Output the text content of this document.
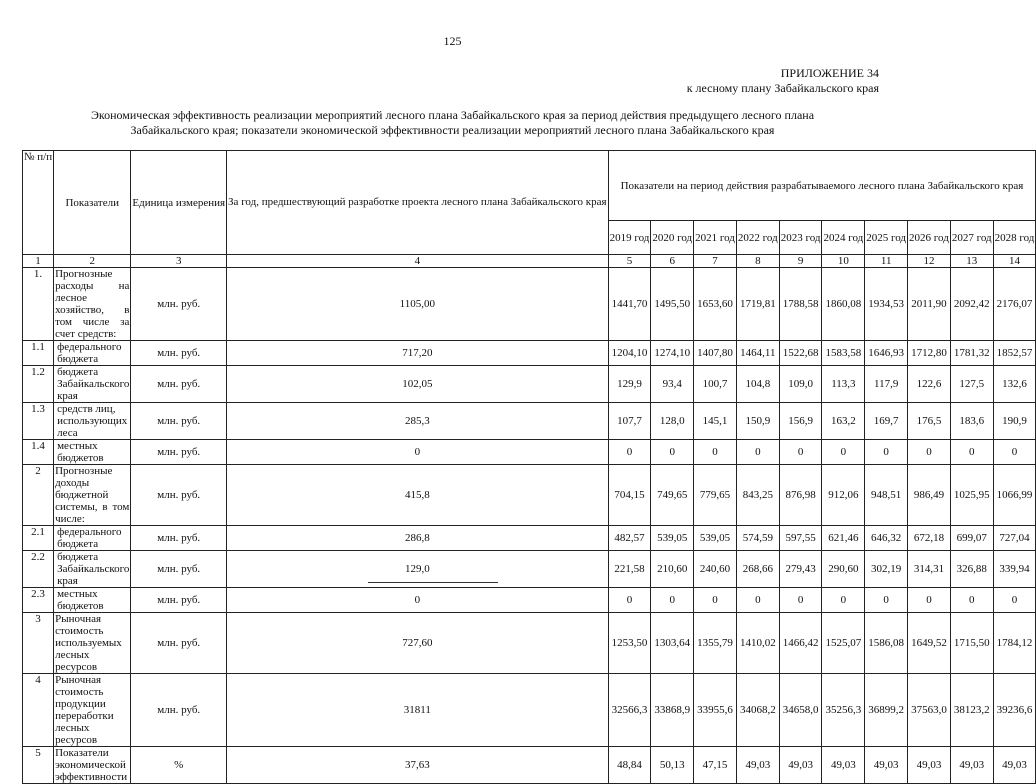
125
ПРИЛОЖЕНИЕ 34
к лесному плану Забайкальского края
Экономическая эффективность реализации мероприятий лесного плана Забайкальского края за период действия предыдущего лесного плана
Забайкальского края; показатели экономической эффективности реализации мероприятий лесного плана Забайкальского края
№ п/п	Показатели	Единица измерения	За год, предшествующий разработке проекта лесного плана Забайкальского края	Показатели на период действия разрабатываемого лесного плана Забайкальского края									
				2019 год	2020 год	2021 год	2022 год	2023 год	2024 год	2025 год	2026 год	2027 год	2028 год
1	2	3	4	5	6	7	8	9	10	11	12	13	14
1.	Прогнозные расходы на лесное хозяйство, в том числе за счет средств:	млн. руб.	1105,00	1441,70	1495,50	1653,60	1719,81	1788,58	1860,08	1934,53	2011,90	2092,42	2176,07
1.1	федерального бюджета	млн. руб.	717,20	1204,10	1274,10	1407,80	1464,11	1522,68	1583,58	1646,93	1712,80	1781,32	1852,57
1.2	бюджета Забайкальского края	млн. руб.	102,05	129,9	93,4	100,7	104,8	109,0	113,3	117,9	122,6	127,5	132,6
1.3	средств лиц, использующих леса	млн. руб.	285,3	107,7	128,0	145,1	150,9	156,9	163,2	169,7	176,5	183,6	190,9
1.4	местных бюджетов	млн. руб.	0	0	0	0	0	0	0	0	0	0	0
2	Прогнозные доходы бюджетной системы, в том числе:	млн. руб.	415,8	704,15	749,65	779,65	843,25	876,98	912,06	948,51	986,49	1025,95	1066,99
2.1	федерального бюджета	млн. руб.	286,8	482,57	539,05	539,05	574,59	597,55	621,46	646,32	672,18	699,07	727,04
2.2	бюджета Забайкальского края	млн. руб.	129,0	221,58	210,60	240,60	268,66	279,43	290,60	302,19	314,31	326,88	339,94
2.3	местных бюджетов	млн. руб.	0	0	0	0	0	0	0	0	0	0	0
3	Рыночная стоимость используемых лесных ресурсов	млн. руб.	727,60	1253,50	1303,64	1355,79	1410,02	1466,42	1525,07	1586,08	1649,52	1715,50	1784,12
4	Рыночная стоимость продукции переработки лесных ресурсов	млн. руб.	31811	32566,3	33868,9	33955,6	34068,2	34658,0	35256,3	36899,2	37563,0	38123,2	39236,6
5	Показатели экономической эффективности	%	37,63	48,84	50,13	47,15	49,03	49,03	49,03	49,03	49,03	49,03	49,03
